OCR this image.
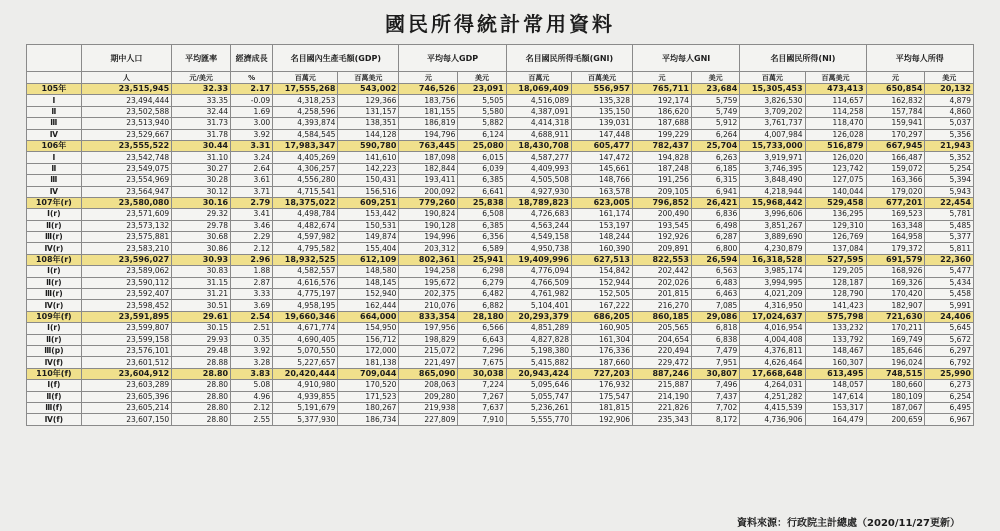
國民所得統計常用資料
	期中人口	平均匯率	經濟成長	名目國內生產毛額(GDP)		平均每人GDP		名目國民所得毛額(GNI)		平均每人GNI		名目國民所得(NI)		平均每人所得	

	人	元/美元	%	百萬元	百萬美元	元	美元	百萬元	百萬美元	元	美元	百萬元	百萬美元	元	美元
105年	23,515,945	32.33	2.17	17,555,268	543,002	746,526	23,091	18,069,409	556,957	765,711	23,684	15,305,453	473,413	650,854	20,132
Ⅰ	23,494,444	33.35	-0.09	4,318,253	129,366	183,756	5,505	4,516,089	135,328	192,174	5,759	3,826,530	114,657	162,832	4,879
Ⅱ	23,502,588	32.44	1.69	4,258,596	131,157	181,155	5,580	4,387,091	135,150	186,620	5,749	3,709,202	114,258	157,784	4,860
Ⅲ	23,513,940	31.73	3.00	4,393,874	138,351	186,819	5,882	4,414,318	139,031	187,688	5,912	3,761,737	118,470	159,941	5,037
Ⅳ	23,529,667	31.78	3.92	4,584,545	144,128	194,796	6,124	4,688,911	147,448	199,229	6,264	4,007,984	126,028	170,297	5,356
106年	23,555,522	30.44	3.31	17,983,347	590,780	763,445	25,080	18,430,708	605,477	782,437	25,704	15,733,000	516,879	667,945	21,943
Ⅰ	23,542,748	31.10	3.24	4,405,269	141,610	187,098	6,015	4,587,277	147,472	194,828	6,263	3,919,971	126,020	166,487	5,352
Ⅱ	23,549,075	30.27	2.64	4,306,257	142,223	182,844	6,039	4,409,993	145,661	187,248	6,185	3,746,395	123,742	159,072	5,254
Ⅲ	23,554,969	30.28	3.61	4,556,280	150,431	193,411	6,385	4,505,508	148,766	191,256	6,315	3,848,490	127,075	163,366	5,394
Ⅳ	23,564,947	30.12	3.71	4,715,541	156,516	200,092	6,641	4,927,930	163,578	209,105	6,941	4,218,944	140,044	179,020	5,943
107年(r)	23,580,080	30.16	2.79	18,375,022	609,251	779,260	25,838	18,789,823	623,005	796,852	26,421	15,968,442	529,458	677,201	22,454
Ⅰ(r)	23,571,609	29.32	3.41	4,498,784	153,442	190,824	6,508	4,726,683	161,174	200,490	6,836	3,996,606	136,295	169,523	5,781
Ⅱ(r)	23,573,132	29.78	3.46	4,482,674	150,531	190,128	6,385	4,563,244	153,197	193,545	6,498	3,851,267	129,310	163,348	5,485
Ⅲ(r)	23,575,881	30.68	2.29	4,597,982	149,874	194,996	6,356	4,549,158	148,244	192,926	6,287	3,889,690	126,769	164,958	5,377
Ⅳ(r)	23,583,210	30.86	2.12	4,795,582	155,404	203,312	6,589	4,950,738	160,390	209,891	6,800	4,230,879	137,084	179,372	5,811
108年(r)	23,596,027	30.93	2.96	18,932,525	612,109	802,361	25,941	19,409,996	627,513	822,553	26,594	16,318,528	527,595	691,579	22,360
Ⅰ(r)	23,589,062	30.83	1.88	4,582,557	148,580	194,258	6,298	4,776,094	154,842	202,442	6,563	3,985,174	129,205	168,926	5,477
Ⅱ(r)	23,590,112	31.15	2.87	4,616,576	148,145	195,672	6,279	4,766,509	152,944	202,026	6,483	3,994,995	128,187	169,326	5,434
Ⅲ(r)	23,592,407	31.21	3.33	4,775,197	152,940	202,375	6,482	4,761,982	152,505	201,815	6,463	4,021,209	128,790	170,420	5,458
Ⅳ(r)	23,598,452	30.51	3.69	4,958,195	162,444	210,076	6,882	5,104,401	167,222	216,270	7,085	4,316,950	141,423	182,907	5,991
109年(f)	23,591,895	29.61	2.54	19,660,346	664,000	833,354	28,180	20,293,379	686,205	860,185	29,086	17,024,637	575,798	721,630	24,406
Ⅰ(r)	23,599,807	30.15	2.51	4,671,774	154,950	197,956	6,566	4,851,289	160,905	205,565	6,818	4,016,954	133,232	170,211	5,645
Ⅱ(r)	23,599,158	29.93	0.35	4,690,405	156,712	198,829	6,643	4,827,828	161,304	204,654	6,838	4,004,408	133,792	169,749	5,672
Ⅲ(p)	23,576,101	29.48	3.92	5,070,550	172,000	215,072	7,296	5,198,380	176,336	220,494	7,479	4,376,811	148,467	185,646	6,297
Ⅳ(f)	23,601,512	28.88	3.28	5,227,657	181,138	221,497	7,675	5,415,882	187,660	229,472	7,951	4,626,464	160,307	196,024	6,792
110年(f)	23,604,912	28.80	3.83	20,420,444	709,044	865,090	30,038	20,943,424	727,203	887,246	30,807	17,668,648	613,495	748,515	25,990
Ⅰ(f)	23,603,289	28.80	5.08	4,910,980	170,520	208,063	7,224	5,095,646	176,932	215,887	7,496	4,264,031	148,057	180,660	6,273
Ⅱ(f)	23,605,396	28.80	4.96	4,939,855	171,523	209,280	7,267	5,055,747	175,547	214,190	7,437	4,251,282	147,614	180,109	6,254
Ⅲ(f)	23,605,214	28.80	2.12	5,191,679	180,267	219,938	7,637	5,236,261	181,815	221,826	7,702	4,415,539	153,317	187,067	6,495
Ⅳ(f)	23,607,150	28.80	2.55	5,377,930	186,734	227,809	7,910	5,555,770	192,906	235,343	8,172	4,736,906	164,479	200,659	6,967
資料來源：行政院主計總處（2020/11/27更新）
